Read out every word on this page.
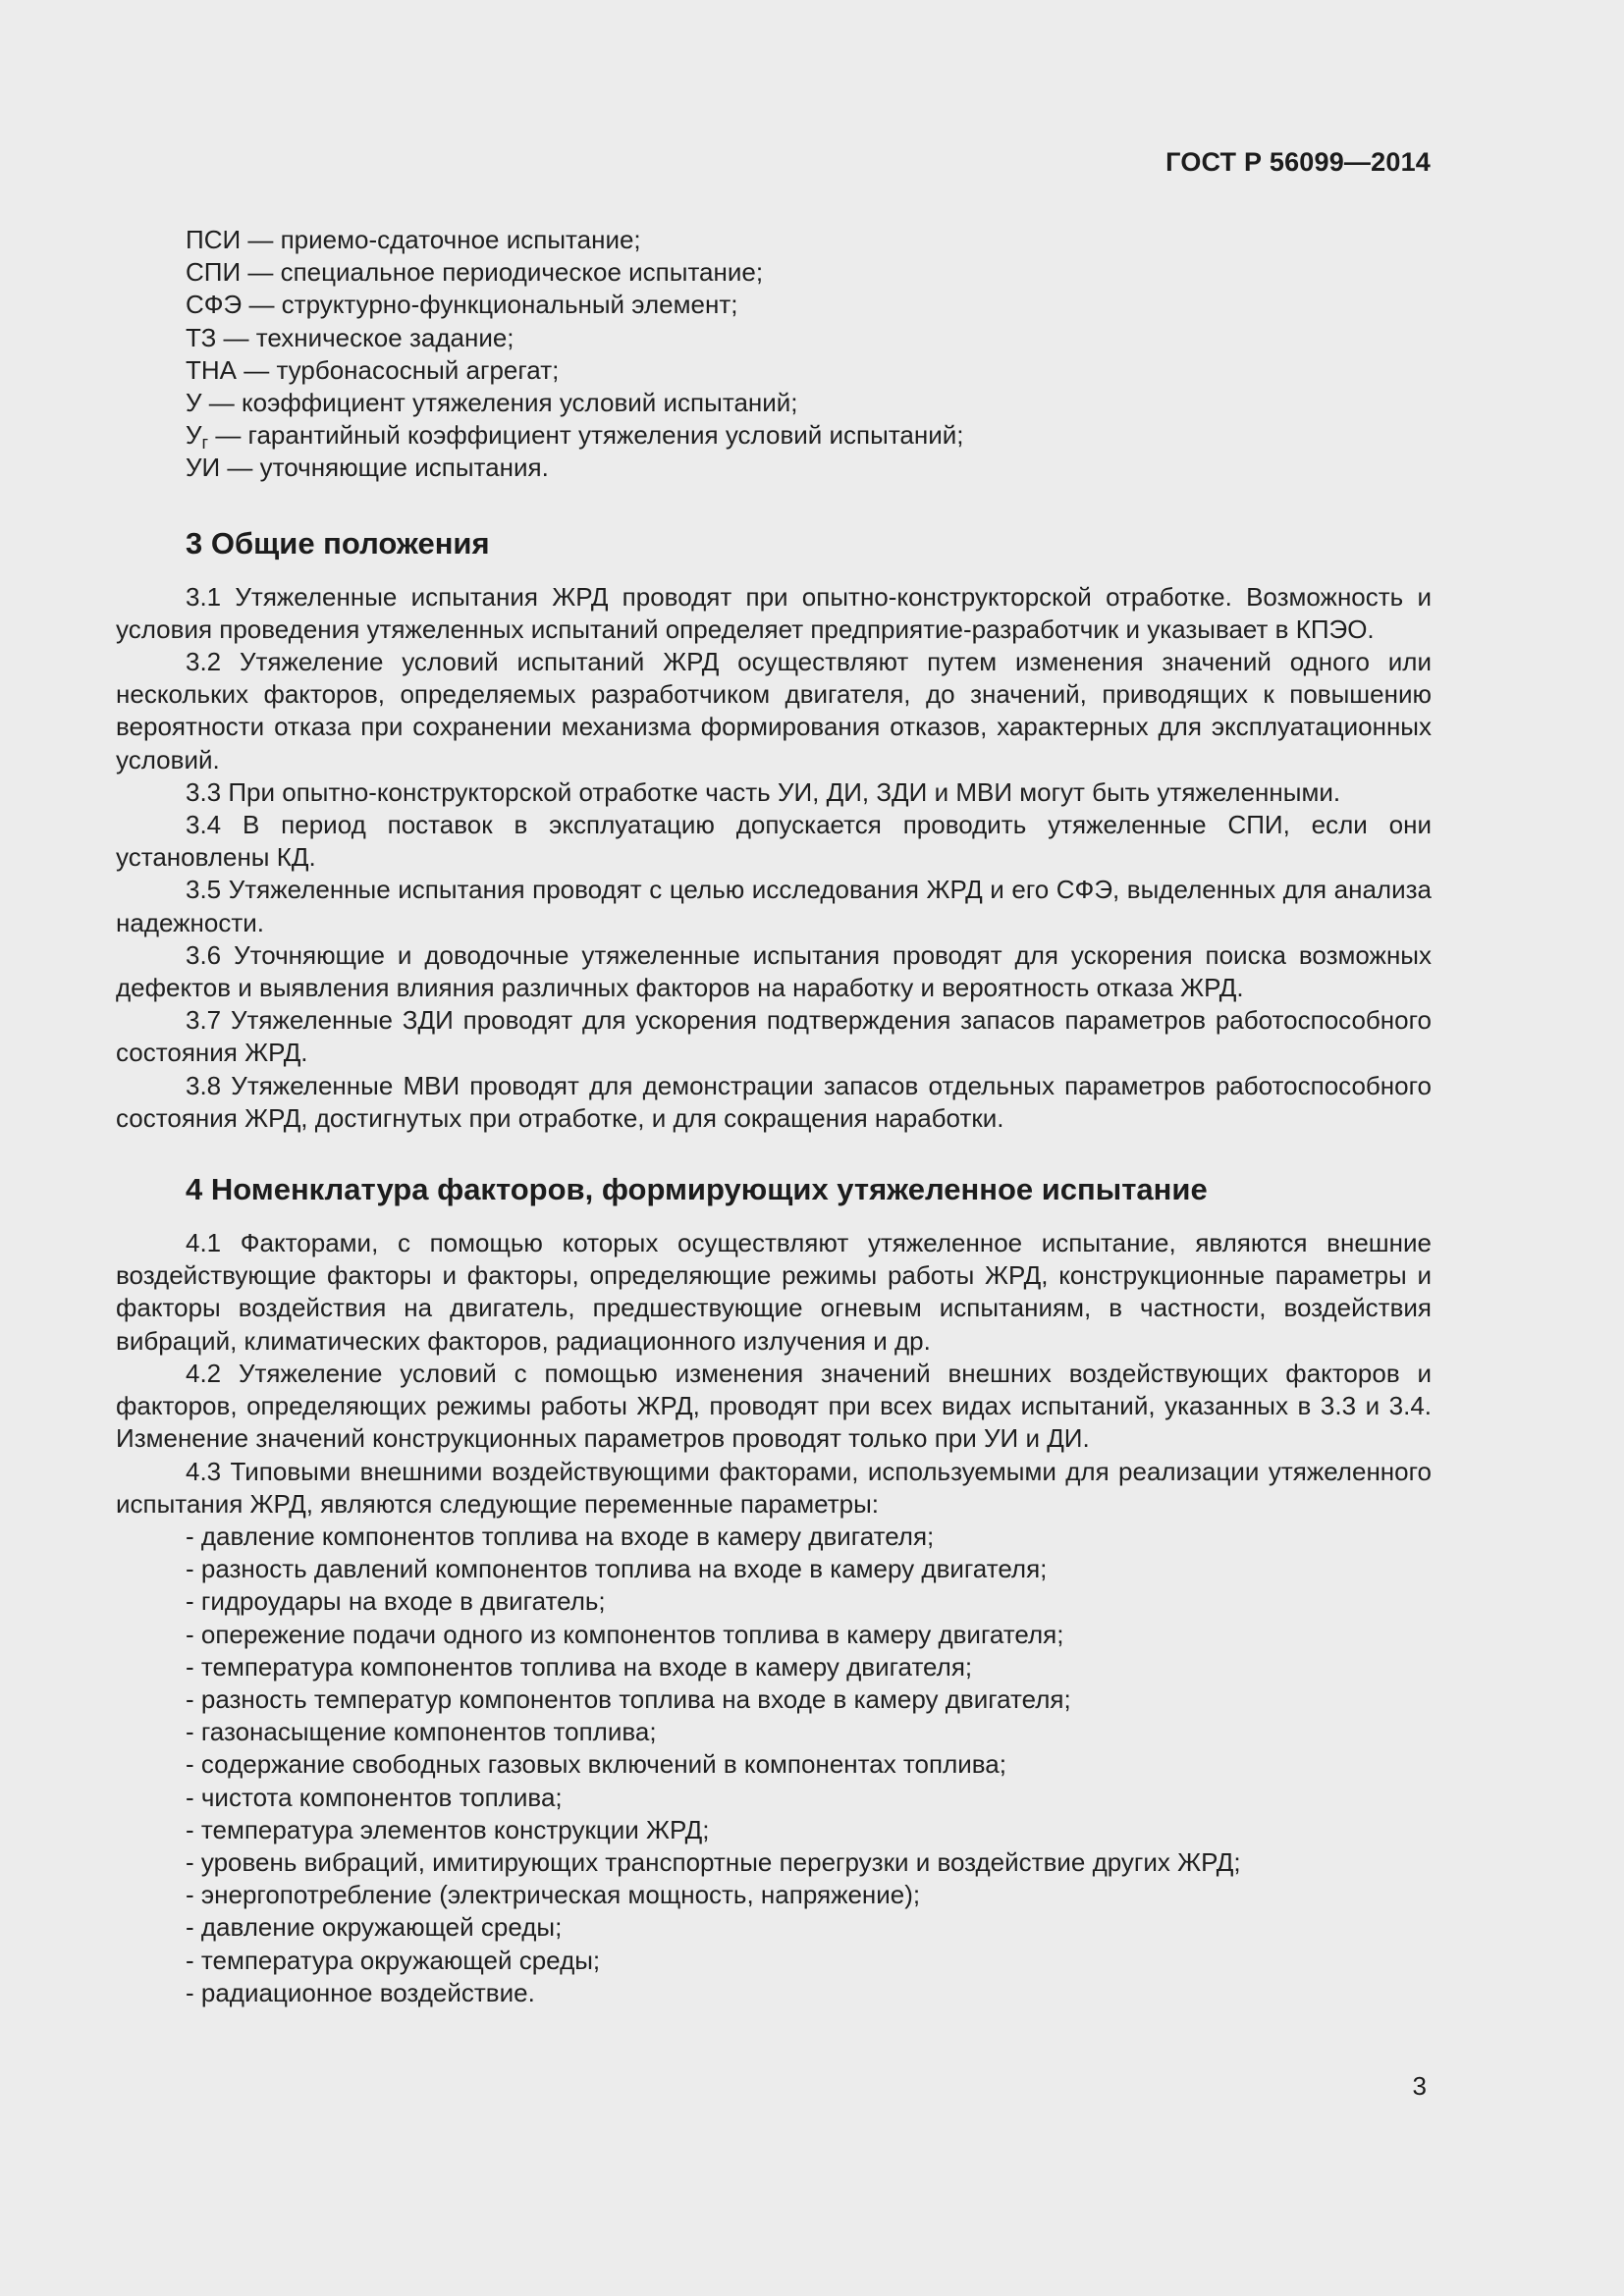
ГОСТ Р 56099—2014
ПСИ — приемо-сдаточное испытание;
СПИ — специальное периодическое испытание;
СФЭ — структурно-функциональный элемент;
ТЗ — техническое задание;
ТНА — турбонасосный агрегат;
У — коэффициент утяжеления условий испытаний;
$У_г$ — гарантийный коэффициент утяжеления условий испытаний;
УИ — уточняющие испытания.
3 Общие положения

3.1 Утяжеленные испытания ЖРД проводят при опытно-конструкторской отработке. Возможность и условия проведения утяжеленных испытаний определяет предприятие-разработчик и указывает в КПЭО.

3.2 Утяжеление условий испытаний ЖРД осуществляют путем изменения значений одного или нескольких факторов, определяемых разработчиком двигателя, до значений, приводящих к повышению вероятности отказа при сохранении механизма формирования отказов, характерных для эксплуатационных условий.

3.3 При опытно-конструкторской отработке часть УИ, ДИ, ЗДИ и МВИ могут быть утяжеленными.

3.4 В период поставок в эксплуатацию допускается проводить утяжеленные СПИ, если они установлены КД.

3.5 Утяжеленные испытания проводят с целью исследования ЖРД и его СФЭ, выделенных для анализа надежности.

3.6 Уточняющие и доводочные утяжеленные испытания проводят для ускорения поиска возможных дефектов и выявления влияния различных факторов на наработку и вероятность отказа ЖРД.

3.7 Утяжеленные ЗДИ проводят для ускорения подтверждения запасов параметров работоспособного состояния ЖРД.

3.8 Утяжеленные МВИ проводят для демонстрации запасов отдельных параметров работоспособного состояния ЖРД, достигнутых при отработке, и для сокращения наработки.

4 Номенклатура факторов, формирующих утяжеленное испытание

4.1 Факторами, с помощью которых осуществляют утяжеленное испытание, являются внешние воздействующие факторы и факторы, определяющие режимы работы ЖРД, конструкционные параметры и факторы воздействия на двигатель, предшествующие огневым испытаниям, в частности, воздействия вибраций, климатических факторов, радиационного излучения и др.

4.2 Утяжеление условий с помощью изменения значений внешних воздействующих факторов и факторов, определяющих режимы работы ЖРД, проводят при всех видах испытаний, указанных в 3.3 и 3.4. Изменение значений конструкционных параметров проводят только при УИ и ДИ.

4.3 Типовыми внешними воздействующими факторами, используемыми для реализации утяжеленного испытания ЖРД, являются следующие переменные параметры:

- давление компонентов топлива на входе в камеру двигателя;
- разность давлений компонентов топлива на входе в камеру двигателя;
- гидроудары на входе в двигатель;
- опережение подачи одного из компонентов топлива в камеру двигателя;
- температура компонентов топлива на входе в камеру двигателя;
- разность температур компонентов топлива на входе в камеру двигателя;
- газонасыщение компонентов топлива;
- содержание свободных газовых включений в компонентах топлива;
- чистота компонентов топлива;
- температура элементов конструкции ЖРД;
- уровень вибраций, имитирующих транспортные перегрузки и воздействие других ЖРД;
- энергопотребление (электрическая мощность, напряжение);
- давление окружающей среды;
- температура окружающей среды;
- радиационное воздействие.
3
